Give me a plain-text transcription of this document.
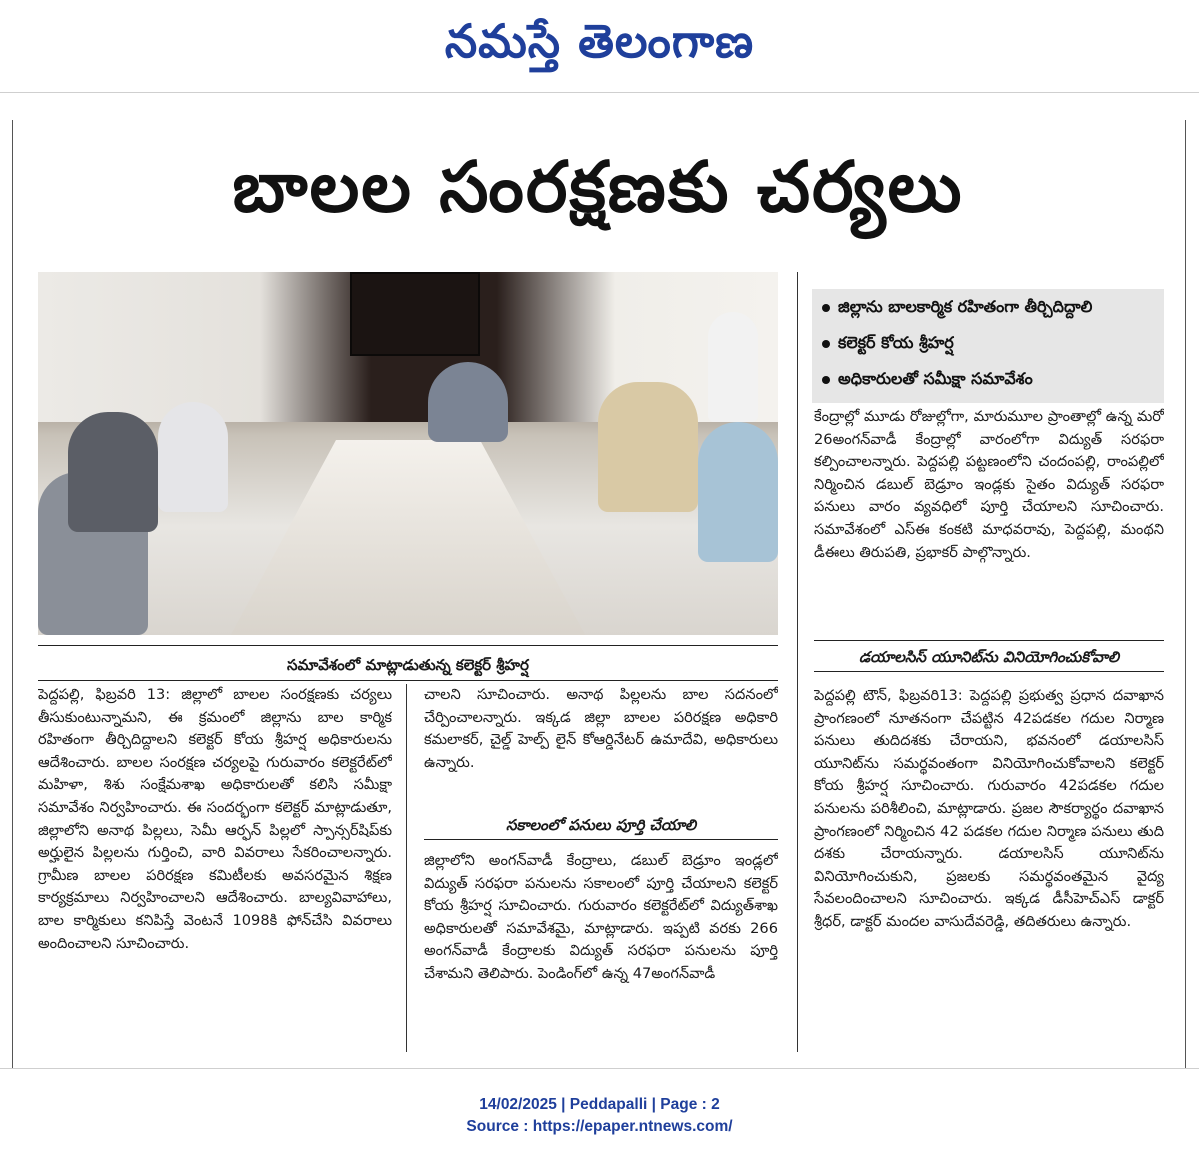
నమస్తే తెలంగాణ
బాలల సంరక్షణకు చర్యలు
జిల్లాను బాలకార్మిక రహితంగా తీర్చిదిద్దాలి
కలెక్టర్ కోయ శ్రీహర్ష
అధికారులతో సమీక్షా సమావేశం
కేంద్రాల్లో మూడు రోజుల్లోగా, మారుమూల ప్రాంతాల్లో ఉన్న మరో 26అంగన్‌వాడీ కేంద్రాల్లో వారంలోగా విద్యుత్ సరఫరా కల్పించాలన్నారు. పెద్దపల్లి పట్టణంలోని చందంపల్లి, రాంపల్లిలో నిర్మించిన డబుల్ బెడ్రూం ఇండ్లకు సైతం విద్యుత్ సరఫరా పనులు వారం వ్యవధిలో పూర్తి చేయాలని సూచించారు. సమావేశంలో ఎస్ఈ కంకటి మాధవరావు, పెద్దపల్లి, మంథని డీఈలు తిరుపతి, ప్రభాకర్ పాల్గొన్నారు.
డయాలసిస్ యూనిట్‌ను వినియోగించుకోవాలి
పెద్దపల్లి టౌన్, ఫిబ్రవరి13: పెద్దపల్లి ప్రభుత్వ ప్రధాన దవాఖాన ప్రాంగణంలో నూతనంగా చేపట్టిన 42పడకల గదుల నిర్మాణ పనులు తుదిదశకు చేరాయని, భవనంలో డయాలసిస్ యూనిట్‌ను సమర్థవంతంగా వినియోగించుకోవాలని కలెక్టర్ కోయ శ్రీహర్ష సూచించారు. గురువారం 42పడకల గదుల పనులను పరిశీలించి, మాట్లాడారు. ప్రజల సౌకర్యార్థం దవాఖాన ప్రాంగణంలో నిర్మించిన 42 పడకల గదుల నిర్మాణ పనులు తుది దశకు చేరాయన్నారు. డయాలసిస్ యూనిట్‌ను వినియోగించుకుని, ప్రజలకు సమర్థవంతమైన వైద్య సేవలందించాలని సూచించారు. ఇక్కడ డీసీహెచ్ఎస్ డాక్టర్ శ్రీధర్, డాక్టర్ మందల వాసుదేవరెడ్డి, తదితరులు ఉన్నారు.
సమావేశంలో మాట్లాడుతున్న కలెక్టర్ శ్రీహర్ష
పెద్దపల్లి, ఫిబ్రవరి 13: జిల్లాలో బాలల సంరక్షణకు చర్యలు తీసుకుంటున్నామని, ఈ క్రమంలో జిల్లాను బాల కార్మిక రహితంగా తీర్చిదిద్దాలని కలెక్టర్ కోయ శ్రీహర్ష అధికారులను ఆదేశించారు. బాలల సంరక్షణ చర్యలపై గురువారం కలెక్టరేట్‌లో మహిళా, శిశు సంక్షేమశాఖ అధికారులతో కలిసి సమీక్షా సమావేశం నిర్వహించారు. ఈ సందర్భంగా కలెక్టర్ మాట్లాడుతూ, జిల్లాలోని అనాథ పిల్లలు, సెమీ ఆర్ఫన్ పిల్లలో స్పాన్సర్‌షిప్‌కు అర్హులైన పిల్లలను గుర్తించి, వారి వివరాలు సేకరించాలన్నారు. గ్రామీణ బాలల పరిరక్షణ కమిటీలకు అవసరమైన శిక్షణ కార్యక్రమాలు నిర్వహించాలని ఆదేశించారు. బాల్యవివాహాలు, బాల కార్మికులు కనిపిస్తే వెంటనే 1098కి ఫోన్‌చేసి వివరాలు అందించాలని సూచించారు.
చాలని సూచించారు. అనాథ పిల్లలను బాల సదనంలో చేర్పించాలన్నారు. ఇక్కడ జిల్లా బాలల పరిరక్షణ అధికారి కమలాకర్, చైల్డ్ హెల్ప్ లైన్ కోఆర్డినేటర్ ఉమాదేవి, అధికారులు ఉన్నారు.
సకాలంలో పనులు పూర్తి చేయాలి
జిల్లాలోని అంగన్‌వాడీ కేంద్రాలు, డబుల్ బెడ్రూం ఇండ్లలో విద్యుత్ సరఫరా పనులను సకాలంలో పూర్తి చేయాలని కలెక్టర్ కోయ శ్రీహర్ష సూచించారు. గురువారం కలెక్టరేట్‌లో విద్యుత్‌శాఖ అధికారులతో సమావేశమై, మాట్లాడారు. ఇప్పటి వరకు 266 అంగన్‌వాడీ కేంద్రాలకు విద్యుత్ సరఫరా పనులను పూర్తి చేశామని తెలిపారు. పెండింగ్‌లో ఉన్న 47అంగన్‌వాడీ
14/02/2025 | Peddapalli | Page : 2
Source : https://epaper.ntnews.com/
